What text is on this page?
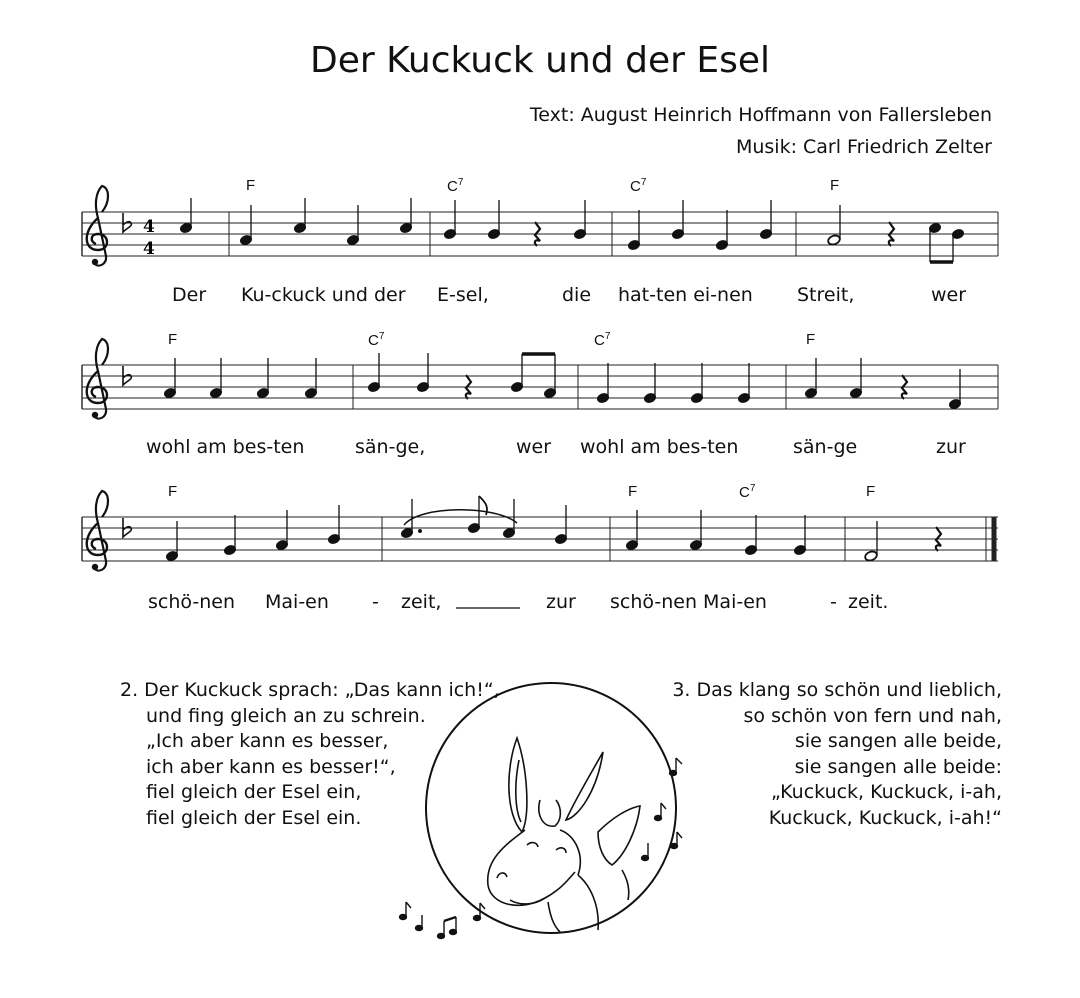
Der Kuckuck und der Esel
Text: August Heinrich Hoffmann von Fallersleben
Musik: Carl Friedrich Zelter
F	$C^7$	$C^7$	F
F	$C^7$	$C^7$	F
F	F	$C^7$	F
Der Ku-ckuck und der E-sel,	die hat-ten ei-nen Streit,	wer
wohl am bes-ten	sän-ge,	wer wohl am bes-ten	sän-ge	zur
schö-nen Mai-en - zeit,	zur schö-nen Mai-en	- zeit.
2. Der Kuckuck sprach: „Das kann ich!“,
und fing gleich an zu schrein.
„Ich aber kann es besser,
ich aber kann es besser!“,
fiel gleich der Esel ein,
fiel gleich der Esel ein.
3. Das klang so schön und lieblich,
so schön von fern und nah,
sie sangen alle beide,
sie sangen alle beide:
„Kuckuck, Kuckuck, i-ah,
Kuckuck, Kuckuck, i-ah!“
4
4
